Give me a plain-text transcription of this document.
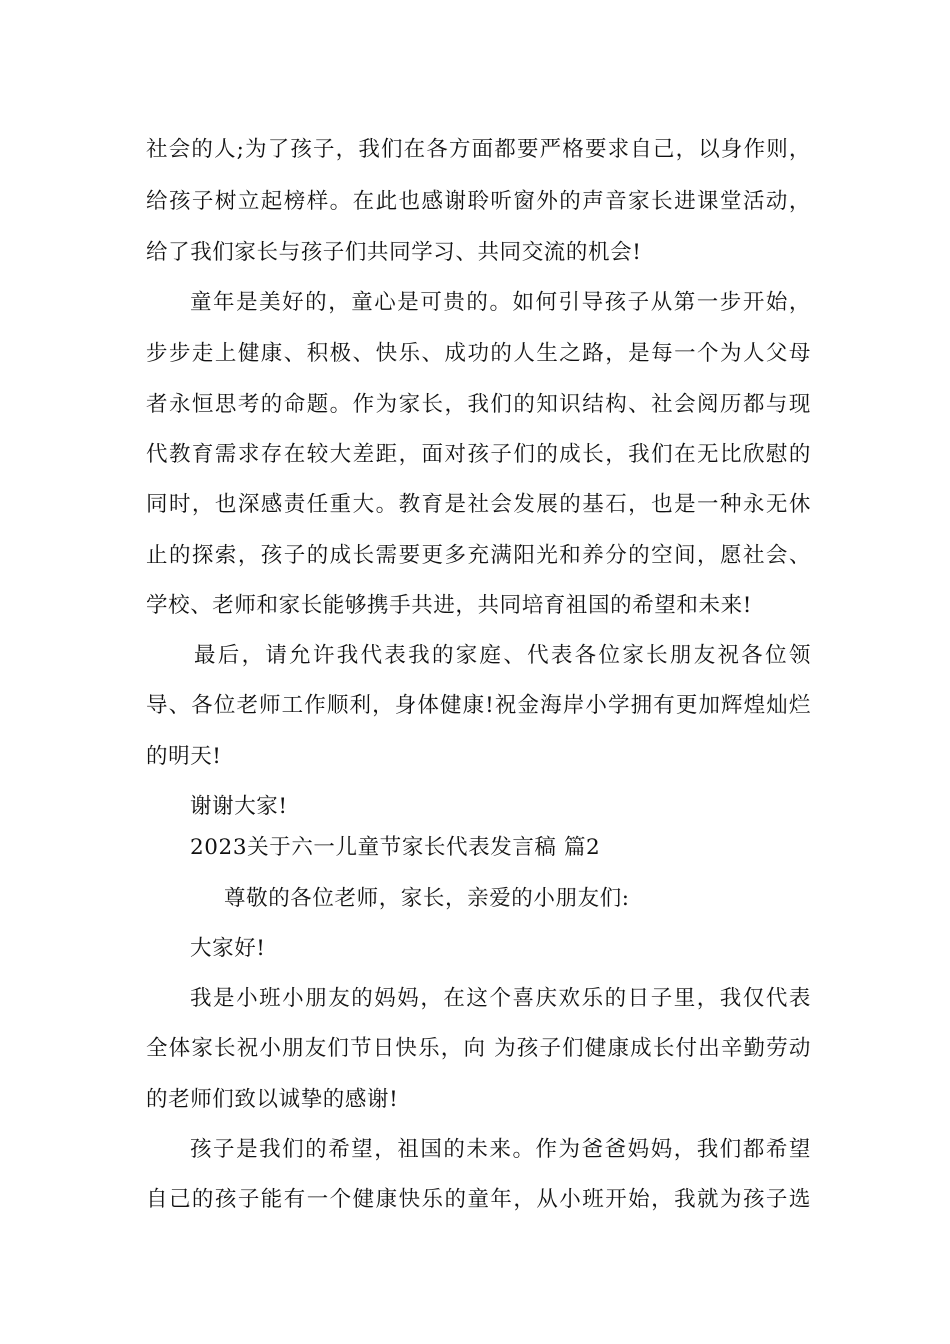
社会的人;为了孩子，我们在各方面都要严格要求自己，以身作则，
给孩子树立起榜样。在此也感谢聆听窗外的声音家长进课堂活动，
给了我们家长与孩子们共同学习、共同交流的机会!
童年是美好的，童心是可贵的。如何引导孩子从第一步开始，
步步走上健康、积极、快乐、成功的人生之路，是每一个为人父母
者永恒思考的命题。作为家长，我们的知识结构、社会阅历都与现
代教育需求存在较大差距，面对孩子们的成长，我们在无比欣慰的
同时，也深感责任重大。教育是社会发展的基石，也是一种永无休
止的探索，孩子的成长需要更多充满阳光和养分的空间，愿社会、
学校、老师和家长能够携手共进，共同培育祖国的希望和未来!
最后，请允许我代表我的家庭、代表各位家长朋友祝各位领
导、各位老师工作顺利，身体健康!祝金海岸小学拥有更加辉煌灿烂
的明天!
谢谢大家!
2023关于六一儿童节家长代表发言稿 篇2
尊敬的各位老师，家长，亲爱的小朋友们:
大家好!
我是小班小朋友的妈妈，在这个喜庆欢乐的日子里，我仅代表
全体家长祝小朋友们节日快乐，向 为孩子们健康成长付出辛勤劳动
的老师们致以诚挚的感谢!
孩子是我们的希望，祖国的未来。作为爸爸妈妈，我们都希望
自己的孩子能有一个健康快乐的童年，从小班开始，我就为孩子选
